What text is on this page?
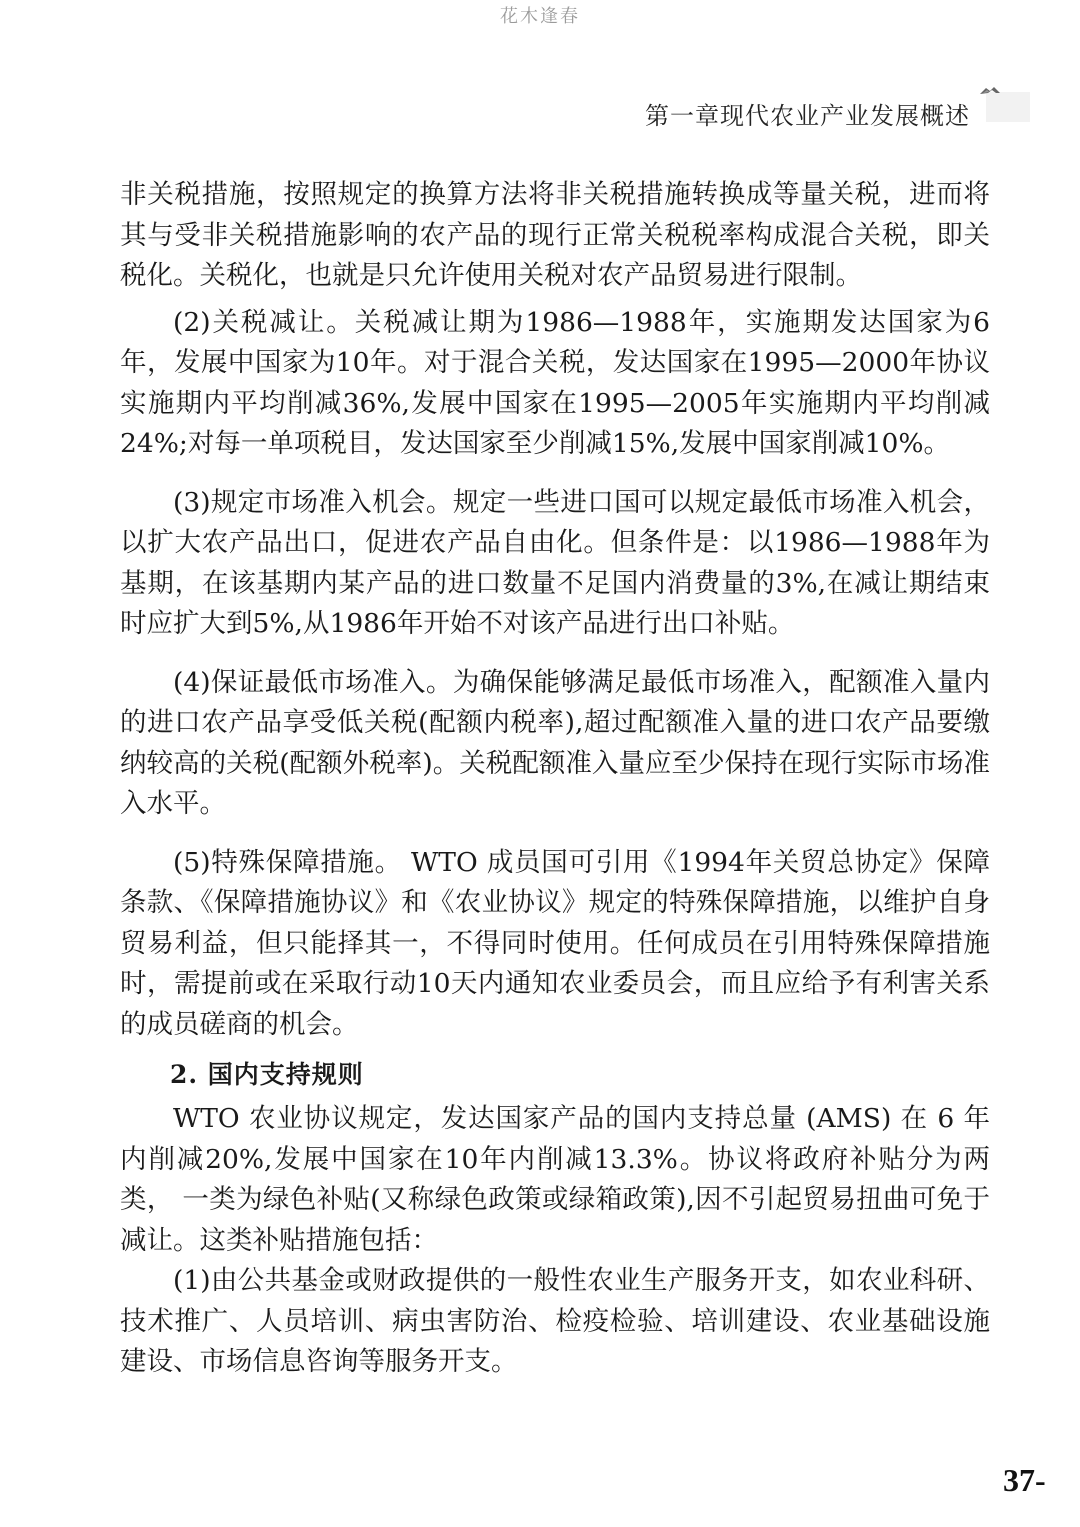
花木逢春
第一章现代农业产业发展概述

非关税措施，按照规定的换算方法将非关税措施转换成等量关税，进而将其与受非关税措施影响的农产品的现行正常关税税率构成混合关税，即关税化。关税化，也就是只允许使用关税对农产品贸易进行限制。

(2)关税减让。关税减让期为1986—1988年，实施期发达国家为6年，发展中国家为10年。对于混合关税，发达国家在1995—2000年协议实施期内平均削减36%,发展中国家在1995—2005年实施期内平均削减24%;对每一单项税目，发达国家至少削减15%,发展中国家削减10%。

(3)规定市场准入机会。规定一些进口国可以规定最低市场准入机会，以扩大农产品出口，促进农产品自由化。但条件是：以1986—1988年为基期，在该基期内某产品的进口数量不足国内消费量的3%,在减让期结束时应扩大到5%,从1986年开始不对该产品进行出口补贴。

(4)保证最低市场准入。为确保能够满足最低市场准入，配额准入量内的进口农产品享受低关税(配额内税率),超过配额准入量的进口农产品要缴纳较高的关税(配额外税率)。关税配额准入量应至少保持在现行实际市场准入水平。

(5)特殊保障措施。 WTO 成员国可引用《1994年关贸总协定》保障条款、《保障措施协议》和《农业协议》规定的特殊保障措施，以维护自身贸易利益，但只能择其一，不得同时使用。任何成员在引用特殊保障措施时，需提前或在采取行动10天内通知农业委员会，而且应给予有利害关系的成员磋商的机会。

2. 国内支持规则

WTO 农业协议规定，发达国家产品的国内支持总量 (AMS) 在 6 年内削减20%,发展中国家在10年内削减13.3%。协议将政府补贴分为两类， 一类为绿色补贴(又称绿色政策或绿箱政策),因不引起贸易扭曲可免于减让。这类补贴措施包括：

(1)由公共基金或财政提供的一般性农业生产服务开支，如农业科研、技术推广、人员培训、病虫害防治、检疫检验、培训建设、农业基础设施建设、市场信息咨询等服务开支。

37-
